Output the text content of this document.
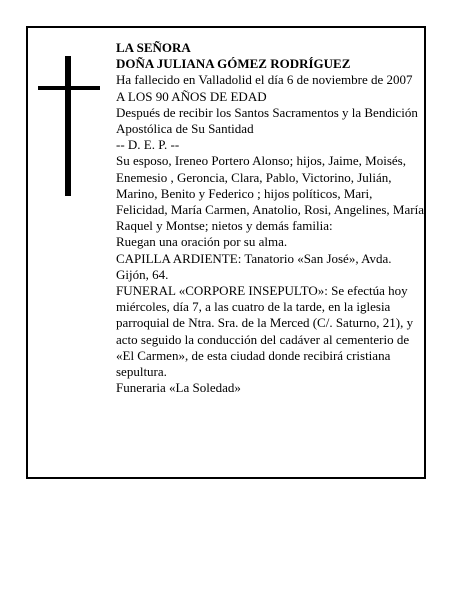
LA SEÑORA

DOÑA JULIANA GÓMEZ RODRÍGUEZ

Ha fallecido en Valladolid el día 6 de noviembre de 2007

A LOS 90 AÑOS DE EDAD

Después de recibir los Santos Sacramentos y la Bendición Apostólica de Su Santidad

-- D. E. P. --

Su esposo, Ireneo Portero Alonso; hijos, Jaime, Moisés, Enemesio , Geroncia, Clara, Pablo, Victorino, Julián, Marino, Benito y Federico ; hijos políticos, Mari, Felicidad, María Carmen, Anatolio, Rosi, Angelines, María Raquel y Montse; nietos y demás familia:

Ruegan una oración por su alma.

CAPILLA ARDIENTE: Tanatorio «San José», Avda. Gijón, 64.

FUNERAL «CORPORE INSEPULTO»: Se efectúa hoy miércoles, día 7, a las cuatro de la tarde, en la iglesia parroquial de Ntra. Sra. de la Merced (C/. Saturno, 21), y acto seguido la conducción del cadáver al cementerio de «El Carmen», de esta ciudad donde recibirá cristiana sepultura.

Funeraria «La Soledad»
